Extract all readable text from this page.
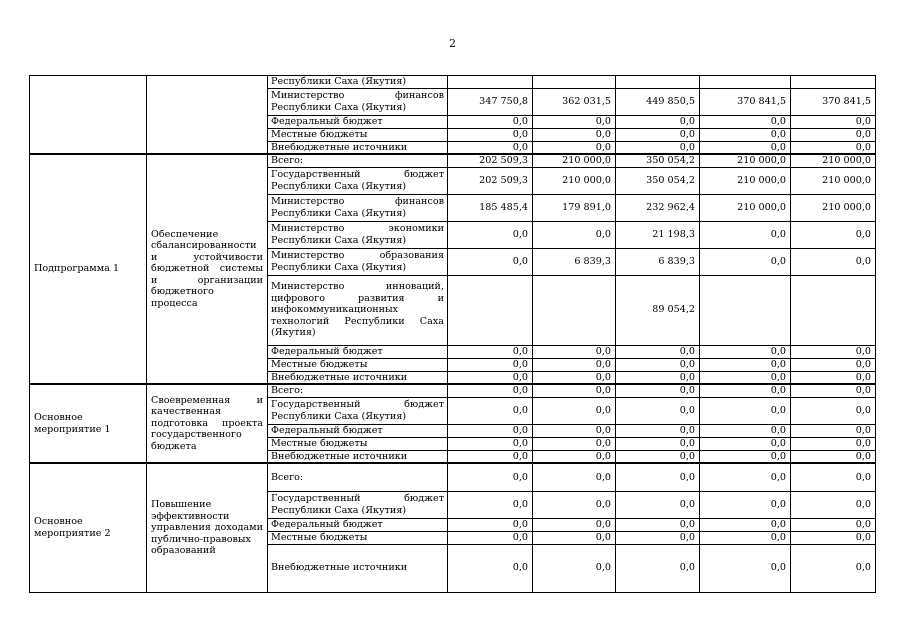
2
		Республики Саха (Якутия)					
		Министерство финансов Республики Саха (Якутия)	347 750,8	362 031,5	449 850,5	370 841,5	370 841,5
		Федеральный бюджет	0,0	0,0	0,0	0,0	0,0
		Местные бюджеты	0,0	0,0	0,0	0,0	0,0
		Внебюджетные источники	0,0	0,0	0,0	0,0	0,0
Подпрограмма 1	Обеспечение сбалансированности и устойчивости бюджетной системы и организации бюджетного процесса	Всего:	202 509,3	210 000,0	350 054,2	210 000,0	210 000,0
		Государственный бюджет Республики Саха (Якутия)	202 509,3	210 000,0	350 054,2	210 000,0	210 000,0
		Министерство финансов Республики Саха (Якутия)	185 485,4	179 891,0	232 962,4	210 000,0	210 000,0
		Министерство экономики Республики Саха (Якутия)	0,0	0,0	21 198,3	0,0	0,0
		Министерство образования Республики Саха (Якутия)	0,0	6 839,3	6 839,3	0,0	0,0
		Министерство инноваций, цифрового развития и инфокоммуникационных технологий Республики Саха (Якутия)			89 054,2		
		Федеральный бюджет	0,0	0,0	0,0	0,0	0,0
		Местные бюджеты	0,0	0,0	0,0	0,0	0,0
		Внебюджетные источники	0,0	0,0	0,0	0,0	0,0
Основное мероприятие 1	Своевременная и качественная подготовка проекта государственного бюджета	Всего:	0,0	0,0	0,0	0,0	0,0
		Государственный бюджет Республики Саха (Якутия)	0,0	0,0	0,0	0,0	0,0
		Федеральный бюджет	0,0	0,0	0,0	0,0	0,0
		Местные бюджеты	0,0	0,0	0,0	0,0	0,0
		Внебюджетные источники	0,0	0,0	0,0	0,0	0,0
Основное мероприятие 2	Повышение эффективности управления доходами публично-правовых образований	Всего:	0,0	0,0	0,0	0,0	0,0
		Государственный бюджет Республики Саха (Якутия)	0,0	0,0	0,0	0,0	0,0
		Федеральный бюджет	0,0	0,0	0,0	0,0	0,0
		Местные бюджеты	0,0	0,0	0,0	0,0	0,0
		Внебюджетные источники	0,0	0,0	0,0	0,0	0,0
